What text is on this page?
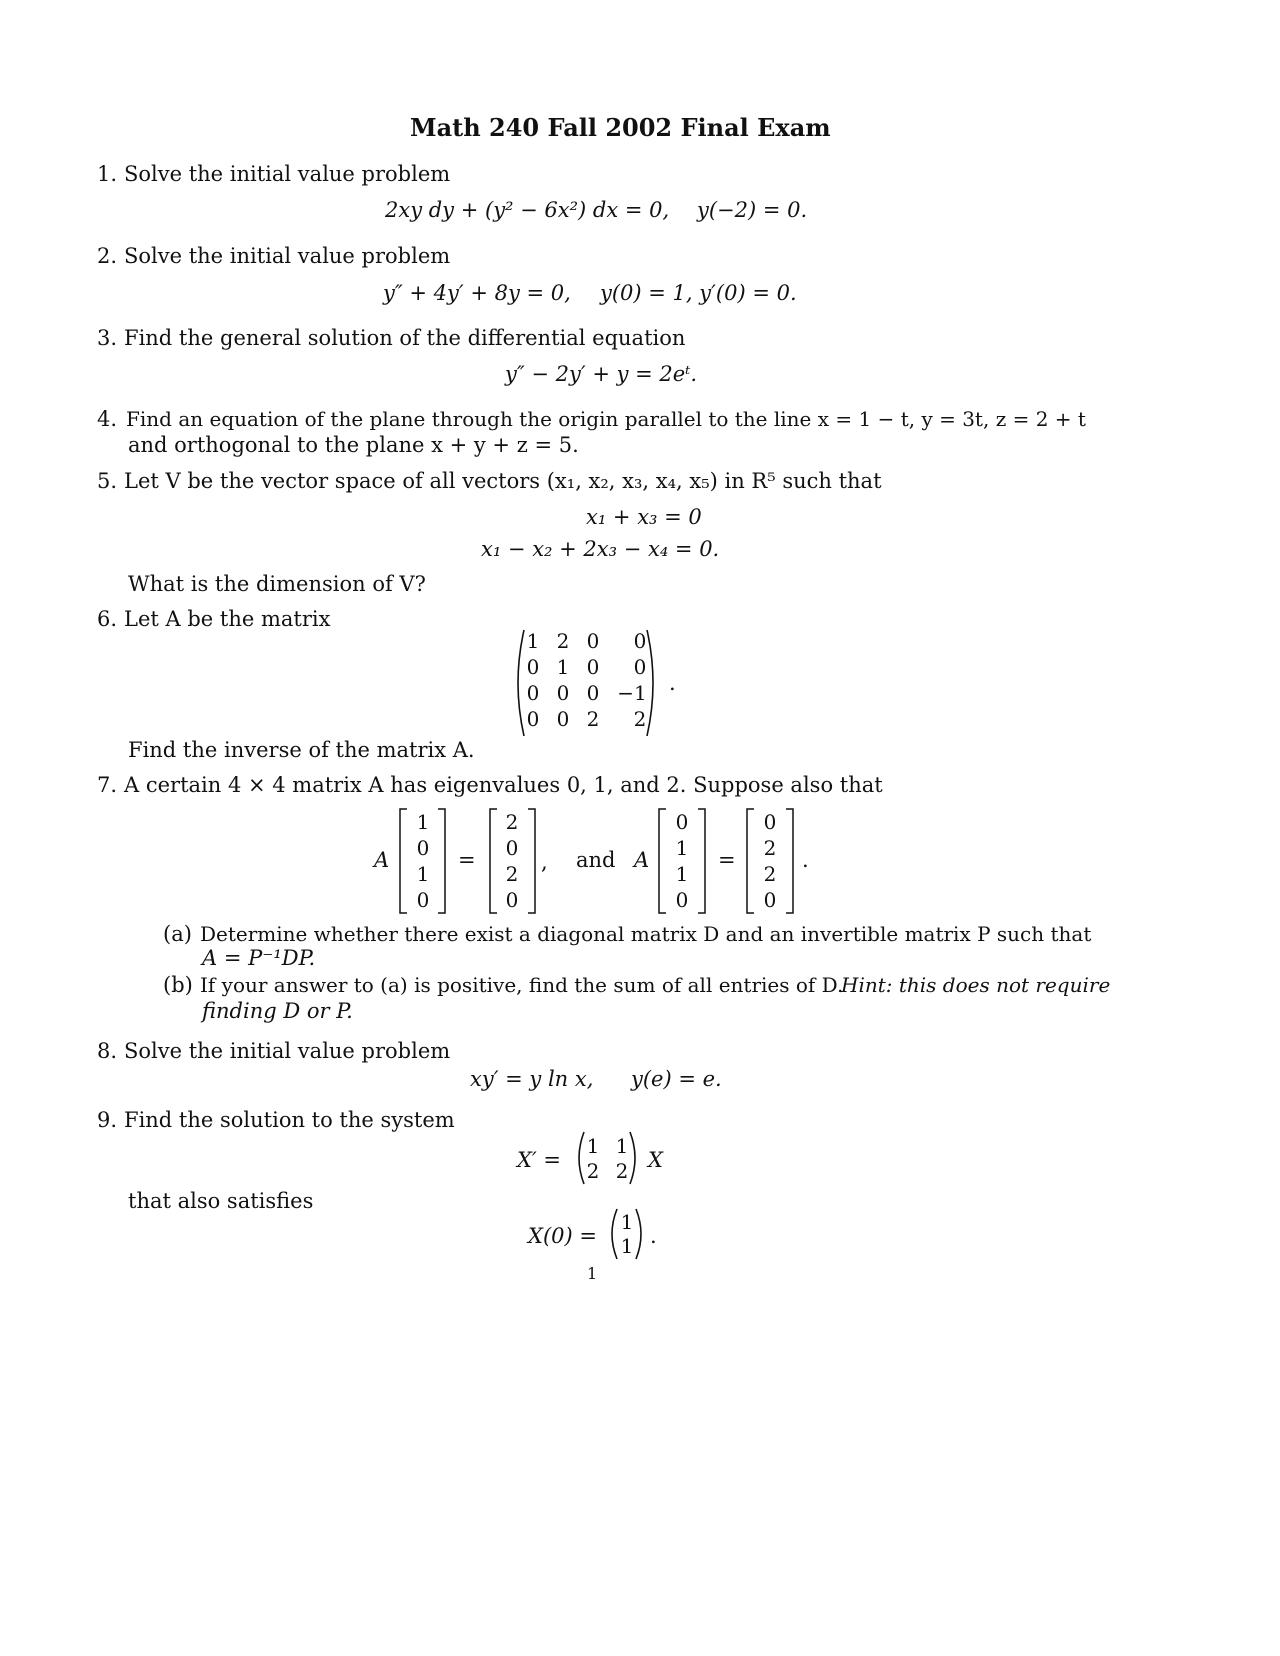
Math 240 Fall 2002 Final Exam
1. Solve the initial value problem
2xy dy + (y² − 6x²) dx = 0, y(−2) = 0.
2. Solve the initial value problem
y″ + 4y′ + 8y = 0, y(0) = 1, y′(0) = 0.
3. Find the general solution of the differential equation
y″ − 2y′ + y = 2eᵗ.
4. Find an equation of the plane through the origin parallel to the line x = 1 − t, y = 3t, z = 2 + t
and orthogonal to the plane x + y + z = 5.
5. Let V be the vector space of all vectors (x₁, x₂, x₃, x₄, x₅) in R⁵ such that
x₁ + x₃ = 0
x₁ − x₂ + 2x₃ − x₄ = 0.
What is the dimension of V?
6. Let A be the matrix
1 2 0 0
0 1 0 0
0 0 0 −1
0 0 2 2
.
Find the inverse of the matrix A.
7. A certain 4 × 4 matrix A has eigenvalues 0, 1, and 2. Suppose also that
A
1
0
1
0
=
2
0
2
0
, and A
0
1
1
0
=
0
2
2
0
.
(a) Determine whether there exist a diagonal matrix D and an invertible matrix P such that
A = P⁻¹DP.
(b) If your answer to (a) is positive, find the sum of all entries of D.
Hint: this does not require
finding D or P.
8. Solve the initial value problem
xy′ = y ln x, y(e) = e.
9. Find the solution to the system
X′ =
1 1
2 2 X
that also satisfies
X(0) =
1
1 .
1
